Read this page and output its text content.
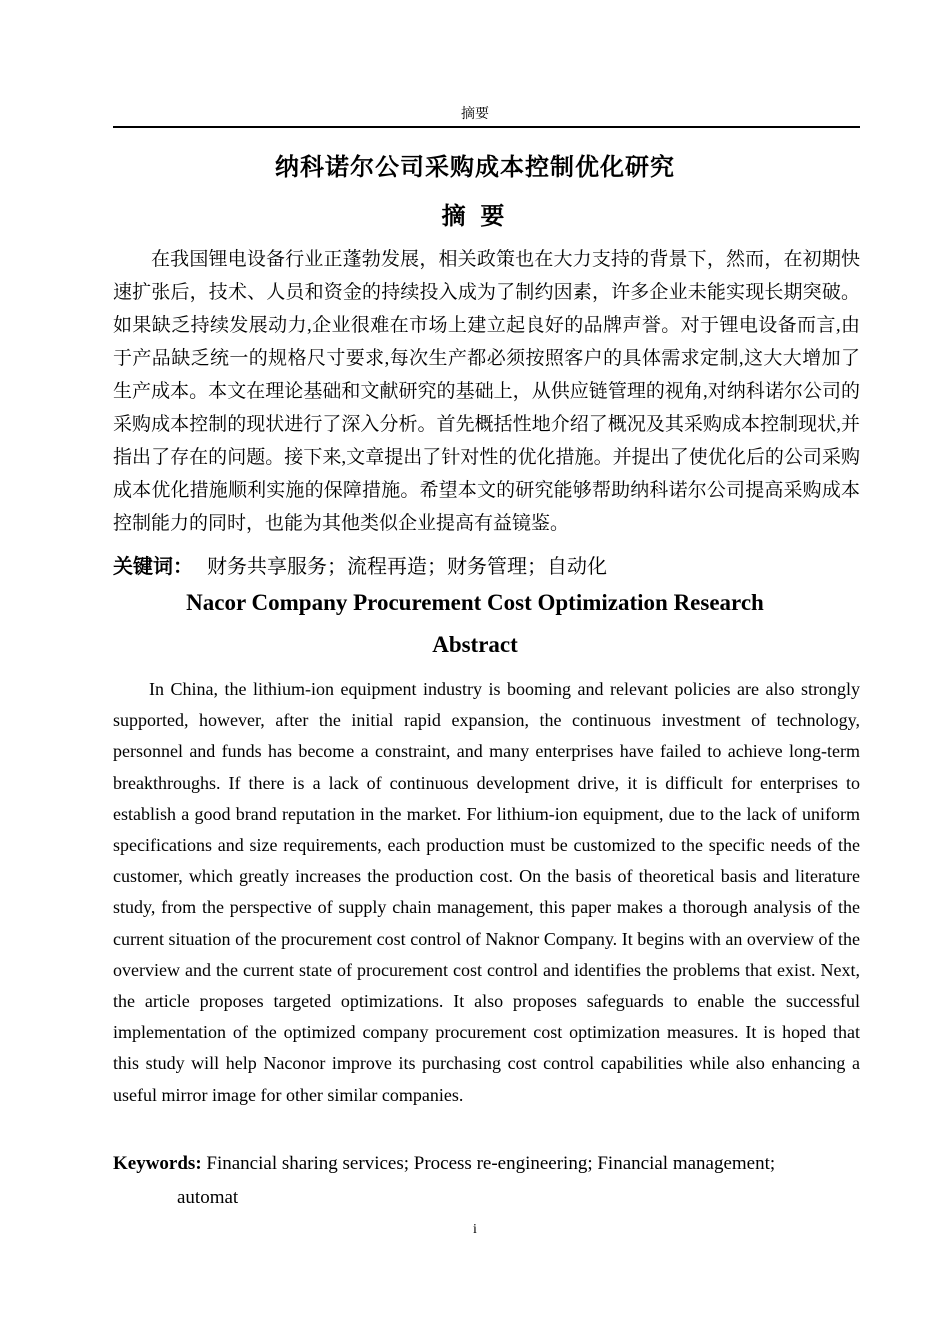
摘要
纳科诺尔公司采购成本控制优化研究
摘 要
在我国锂电设备行业正蓬勃发展，相关政策也在大力支持的背景下，然而，在初期快速扩张后，技术、人员和资金的持续投入成为了制约因素，许多企业未能实现长期突破。如果缺乏持续发展动力,企业很难在市场上建立起良好的品牌声誉。对于锂电设备而言,由于产品缺乏统一的规格尺寸要求,每次生产都必须按照客户的具体需求定制,这大大增加了生产成本。本文在理论基础和文献研究的基础上，从供应链管理的视角,对纳科诺尔公司的采购成本控制的现状进行了深入分析。首先概括性地介绍了概况及其采购成本控制现状,并指出了存在的问题。接下来,文章提出了针对性的优化措施。并提出了使优化后的公司采购成本优化措施顺利实施的保障措施。希望本文的研究能够帮助纳科诺尔公司提高采购成本控制能力的同时，也能为其他类似企业提高有益镜鉴。
关键词： 财务共享服务；流程再造；财务管理；自动化
Nacor Company Procurement Cost Optimization Research
Abstract
In China, the lithium-ion equipment industry is booming and relevant policies are also strongly supported, however, after the initial rapid expansion, the continuous investment of technology, personnel and funds has become a constraint, and many enterprises have failed to achieve long-term breakthroughs. If there is a lack of continuous development drive, it is difficult for enterprises to establish a good brand reputation in the market. For lithium-ion equipment, due to the lack of uniform specifications and size requirements, each production must be customized to the specific needs of the customer, which greatly increases the production cost. On the basis of theoretical basis and literature study, from the perspective of supply chain management, this paper makes a thorough analysis of the current situation of the procurement cost control of Naknor Company. It begins with an overview of the overview and the current state of procurement cost control and identifies the problems that exist. Next, the article proposes targeted optimizations. It also proposes safeguards to enable the successful implementation of the optimized company procurement cost optimization measures. It is hoped that this study will help Naconor improve its purchasing cost control capabilities while also enhancing a useful mirror image for other similar companies.
Keywords: Financial sharing services; Process re-engineering; Financial management;
automat
i
